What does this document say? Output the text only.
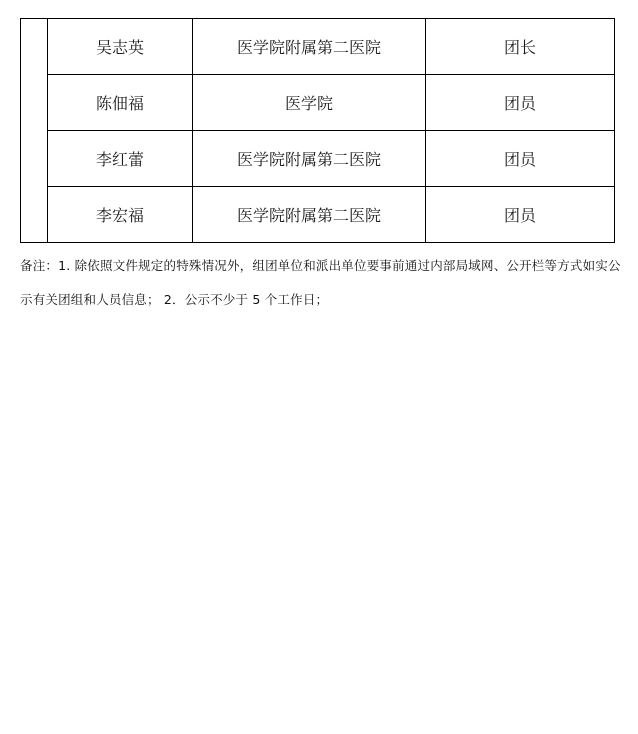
	吴志英	医学院附属第二医院	团长
	陈佃福	医学院	团员
	李红蕾	医学院附属第二医院	团员
	李宏福	医学院附属第二医院	团员
备注：1. 除依照文件规定的特殊情况外，组团单位和派出单位要事前通过内部局域网、公开栏等方式如实公
示有关团组和人员信息； 2．公示不少于 5 个工作日；
